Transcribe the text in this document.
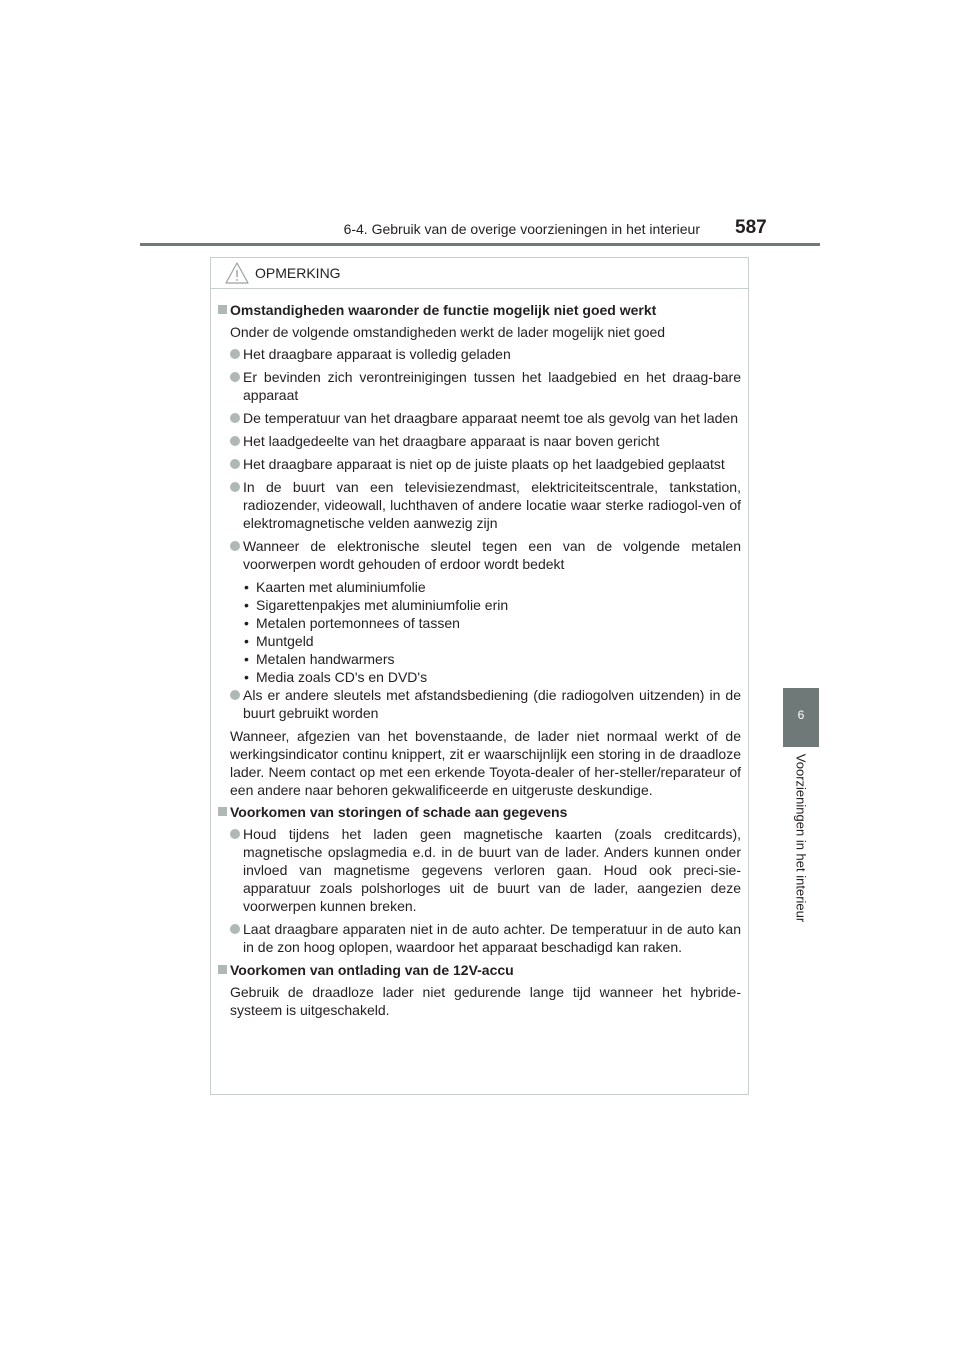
6-4. Gebruik van de overige voorzieningen in het interieur 587
6
Voorzieningen in het interieur
OPMERKING
Omstandigheden waaronder de functie mogelijk niet goed werkt
Onder de volgende omstandigheden werkt de lader mogelijk niet goed
Het draagbare apparaat is volledig geladen
Er bevinden zich verontreinigingen tussen het laadgebied en het draag-bare apparaat
De temperatuur van het draagbare apparaat neemt toe als gevolg van het laden
Het laadgedeelte van het draagbare apparaat is naar boven gericht
Het draagbare apparaat is niet op de juiste plaats op het laadgebied geplaatst
In de buurt van een televisiezendmast, elektriciteitscentrale, tankstation, radiozender, videowall, luchthaven of andere locatie waar sterke radiogol-ven of elektromagnetische velden aanwezig zijn
Wanneer de elektronische sleutel tegen een van de volgende metalen voorwerpen wordt gehouden of erdoor wordt bedekt
• Kaarten met aluminiumfolie
• Sigarettenpakjes met aluminiumfolie erin
• Metalen portemonnees of tassen
• Muntgeld
• Metalen handwarmers
• Media zoals CD's en DVD's
Als er andere sleutels met afstandsbediening (die radiogolven uitzenden) in de buurt gebruikt worden
Wanneer, afgezien van het bovenstaande, de lader niet normaal werkt of de werkingsindicator continu knippert, zit er waarschijnlijk een storing in de draadloze lader. Neem contact op met een erkende Toyota-dealer of her-steller/reparateur of een andere naar behoren gekwalificeerde en uitgeruste deskundige.
Voorkomen van storingen of schade aan gegevens
Houd tijdens het laden geen magnetische kaarten (zoals creditcards), magnetische opslagmedia e.d. in de buurt van de lader. Anders kunnen onder invloed van magnetisme gegevens verloren gaan. Houd ook preci-sie-apparatuur zoals polshorloges uit de buurt van de lader, aangezien deze voorwerpen kunnen breken.
Laat draagbare apparaten niet in de auto achter. De temperatuur in de auto kan in de zon hoog oplopen, waardoor het apparaat beschadigd kan raken.
Voorkomen van ontlading van de 12V-accu
Gebruik de draadloze lader niet gedurende lange tijd wanneer het hybride-systeem is uitgeschakeld.
